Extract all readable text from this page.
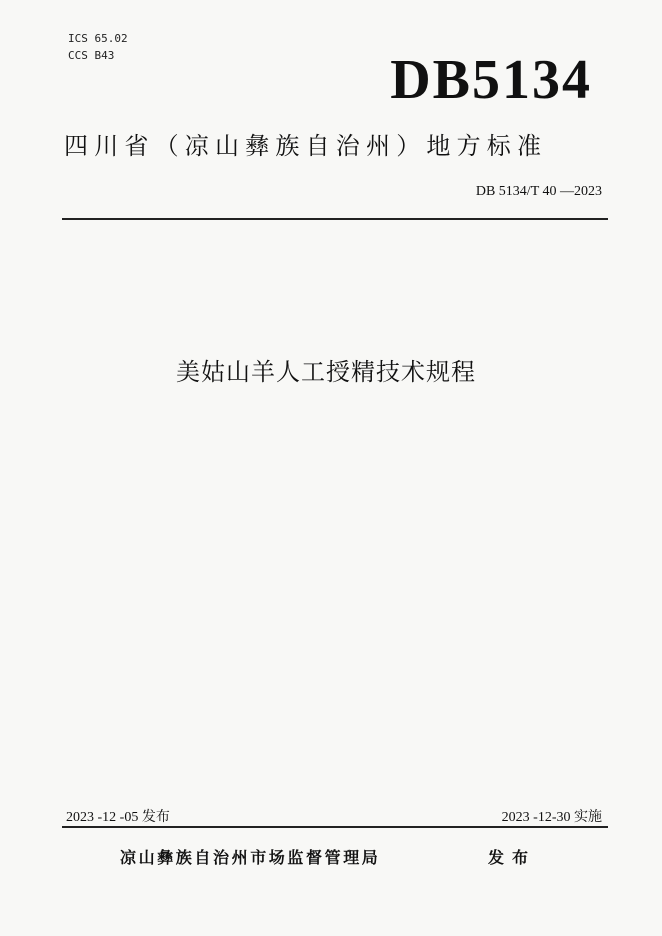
ICS 65.02
CCS B43	DB5134
四川省（凉山彝族自治州）地方标准
DB 5134/T 40 —2023
美姑山羊人工授精技术规程
2023 -12 -05 发布	2023 -12-30 实施
凉山彝族自治州市场监督管理局	发布
